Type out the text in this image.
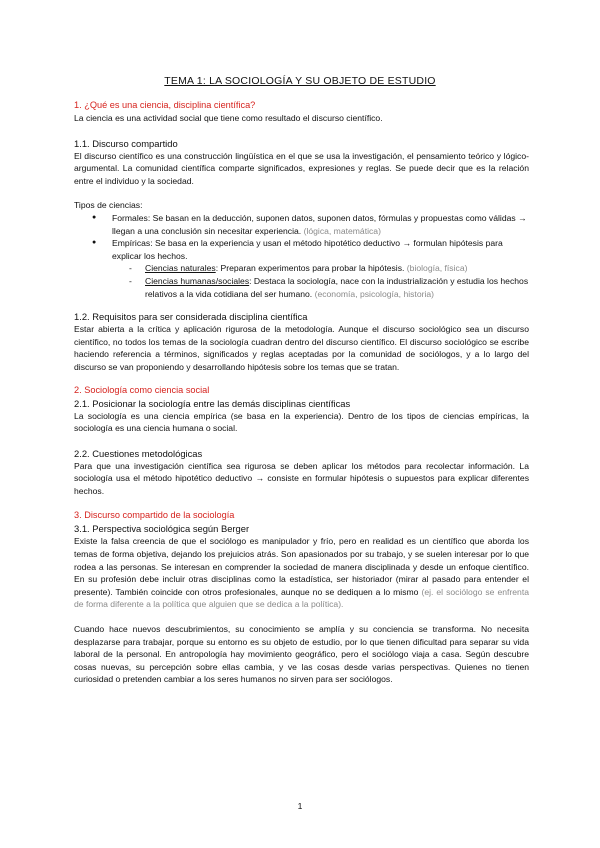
TEMA 1: LA SOCIOLOGÍA Y SU OBJETO DE ESTUDIO
1. ¿Qué es una ciencia, disciplina científica?
La ciencia es una actividad social que tiene como resultado el discurso científico.
1.1. Discurso compartido
El discurso científico es una construcción lingüística en el que se usa la investigación, el pensamiento teórico y lógico-argumental. La comunidad científica comparte significados, expresiones y reglas. Se puede decir que es la relación entre el individuo y la sociedad.
Tipos de ciencias:
● Formales: Se basan en la deducción, suponen datos, suponen datos, fórmulas y propuestas como válidas → llegan a una conclusión sin necesitar experiencia. (lógica, matemática)
● Empíricas: Se basa en la experiencia y usan el método hipotético deductivo → formulan hipótesis para explicar los hechos.
- Ciencias naturales: Preparan experimentos para probar la hipótesis. (biología, física)
- Ciencias humanas/sociales: Destaca la sociología, nace con la industrialización y estudia los hechos relativos a la vida cotidiana del ser humano. (economía, psicología, historia)
1.2. Requisitos para ser considerada disciplina científica
Estar abierta a la crítica y aplicación rigurosa de la metodología. Aunque el discurso sociológico sea un discurso científico, no todos los temas de la sociología cuadran dentro del discurso científico. El discurso sociológico se escribe haciendo referencia a términos, significados y reglas aceptadas por la comunidad de sociólogos, y a lo largo del discurso se van proponiendo y desarrollando hipótesis sobre los temas que se tratan.
2. Sociología como ciencia social
2.1. Posicionar la sociología entre las demás disciplinas científicas
La sociología es una ciencia empírica (se basa en la experiencia). Dentro de los tipos de ciencias empíricas, la sociología es una ciencia humana o social.
2.2. Cuestiones metodológicas
Para que una investigación científica sea rigurosa se deben aplicar los métodos para recolectar información. La sociología usa el método hipotético deductivo → consiste en formular hipótesis o supuestos para explicar diferentes hechos.
3. Discurso compartido de la sociología
3.1. Perspectiva sociológica según Berger
Existe la falsa creencia de que el sociólogo es manipulador y frío, pero en realidad es un científico que aborda los temas de forma objetiva, dejando los prejuicios atrás. Son apasionados por su trabajo, y se suelen interesar por lo que rodea a las personas. Se interesan en comprender la sociedad de manera disciplinada y desde un enfoque científico. En su profesión debe incluir otras disciplinas como la estadística, ser historiador (mirar al pasado para entender el presente). También coincide con otros profesionales, aunque no se dediquen a lo mismo (ej. el sociólogo se enfrenta de forma diferente a la política que alguien que se dedica a la política).
Cuando hace nuevos descubrimientos, su conocimiento se amplía y su conciencia se transforma. No necesita desplazarse para trabajar, porque su entorno es su objeto de estudio, por lo que tienen dificultad para separar su vida laboral de la personal. En antropología hay movimiento geográfico, pero el sociólogo viaja a casa. Según descubre cosas nuevas, su percepción sobre ellas cambia, y ve las cosas desde varias perspectivas. Quienes no tienen curiosidad o pretenden cambiar a los seres humanos no sirven para ser sociólogos.
1
